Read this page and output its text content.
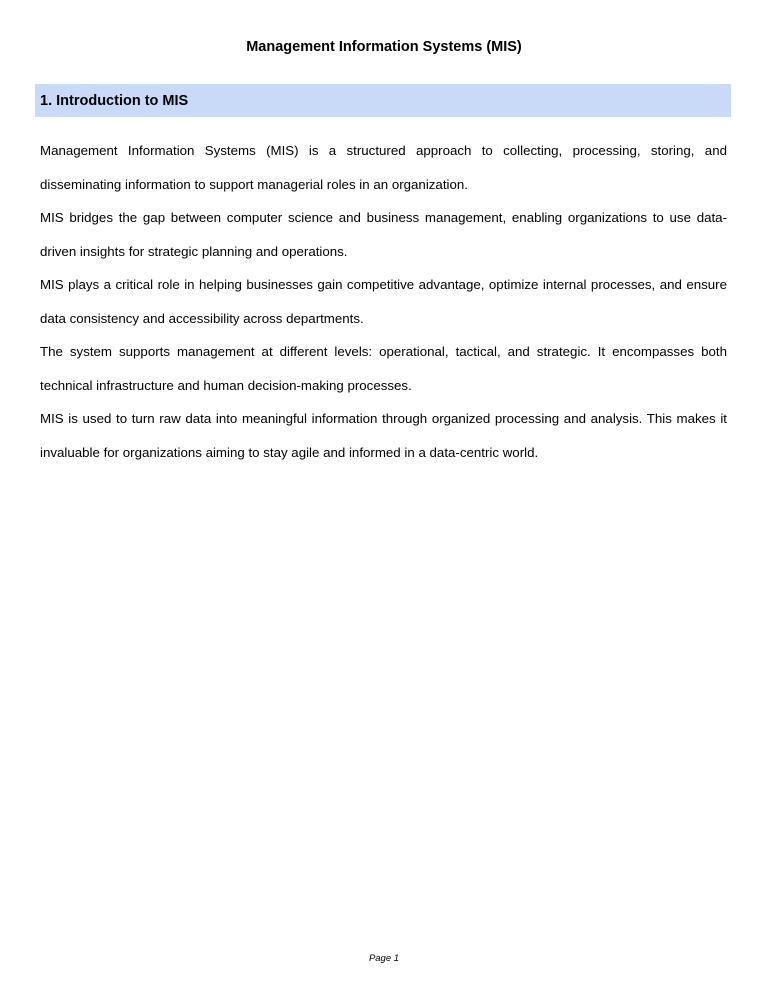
Management Information Systems (MIS)
1. Introduction to MIS

Management Information Systems (MIS) is a structured approach to collecting, processing, storing, and disseminating information to support managerial roles in an organization.

MIS bridges the gap between computer science and business management, enabling organizations to use data-driven insights for strategic planning and operations.

MIS plays a critical role in helping businesses gain competitive advantage, optimize internal processes, and ensure data consistency and accessibility across departments.

The system supports management at different levels: operational, tactical, and strategic. It encompasses both technical infrastructure and human decision-making processes.

MIS is used to turn raw data into meaningful information through organized processing and analysis. This makes it invaluable for organizations aiming to stay agile and informed in a data-centric world.

Page 1
